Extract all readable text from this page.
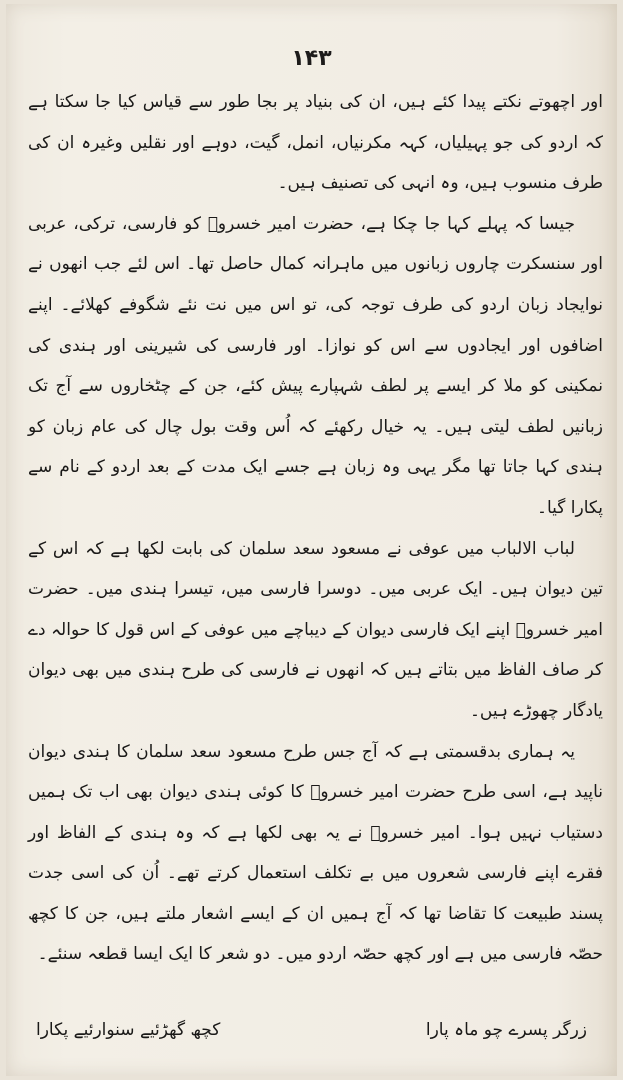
۱۴۳

اور اچھوتے نکتے پیدا کئے ہیں، ان کی بنیاد پر بجا طور سے قیاس کیا جا سکتا ہے کہ اردو کی جو پہیلیاں، کہہ مکرنیاں، انمل، گیت، دوہے اور نقلیں وغیرہ ان کی طرف منسوب ہیں، وہ انہی کی تصنیف ہیں۔

جیسا کہ پہلے کہا جا چکا ہے، حضرت امیر خسروؔ کو فارسی، ترکی، عربی اور سنسکرت چاروں زبانوں میں ماہرانہ کمال حاصل تھا۔ اس لئے جب انھوں نے نوایجاد زبان اردو کی طرف توجہ کی، تو اس میں نت نئے شگوفے کھلائے۔ اپنے اضافوں اور ایجادوں سے اس کو نوازا۔ اور فارسی کی شیرینی اور ہندی کی نمکینی کو ملا کر ایسے پر لطف شہپارے پیش کئے، جن کے چٹخاروں سے آج تک زبانیں لطف لیتی ہیں۔ یہ خیال رکھئے کہ اُس وقت بول چال کی عام زبان کو ہندی کہا جاتا تھا مگر یہی وہ زبان ہے جسے ایک مدت کے بعد اردو کے نام سے پکارا گیا۔

لباب الالباب میں عوفی نے مسعود سعد سلمان کی بابت لکھا ہے کہ اس کے تین دیوان ہیں۔ ایک عربی میں۔ دوسرا فارسی میں، تیسرا ہندی میں۔ حضرت امیر خسروؔ اپنے ایک فارسی دیوان کے دیباچے میں عوفی کے اس قول کا حوالہ دے کر صاف الفاظ میں بتاتے ہیں کہ انھوں نے فارسی کی طرح ہندی میں بھی دیوان یادگار چھوڑے ہیں۔

یہ ہماری بدقسمتی ہے کہ آج جس طرح مسعود سعد سلمان کا ہندی دیوان ناپید ہے، اسی طرح حضرت امیر خسروؔ کا کوئی ہندی دیوان بھی اب تک ہمیں دستیاب نہیں ہوا۔ امیر خسروؔ نے یہ بھی لکھا ہے کہ وہ ہندی کے الفاظ اور فقرے اپنے فارسی شعروں میں بے تکلف استعمال کرتے تھے۔ اُن کی اسی جدت پسند طبیعت کا تقاضا تھا کہ آج ہمیں ان کے ایسے اشعار ملتے ہیں، جن کا کچھ حصّہ فارسی میں ہے اور کچھ حصّہ اردو میں۔ دو شعر کا ایک ایسا قطعہ سنئے۔

زرگر پسرے چو ماہ پارا
کچھ گھڑئیے سنوارئیے پکارا
